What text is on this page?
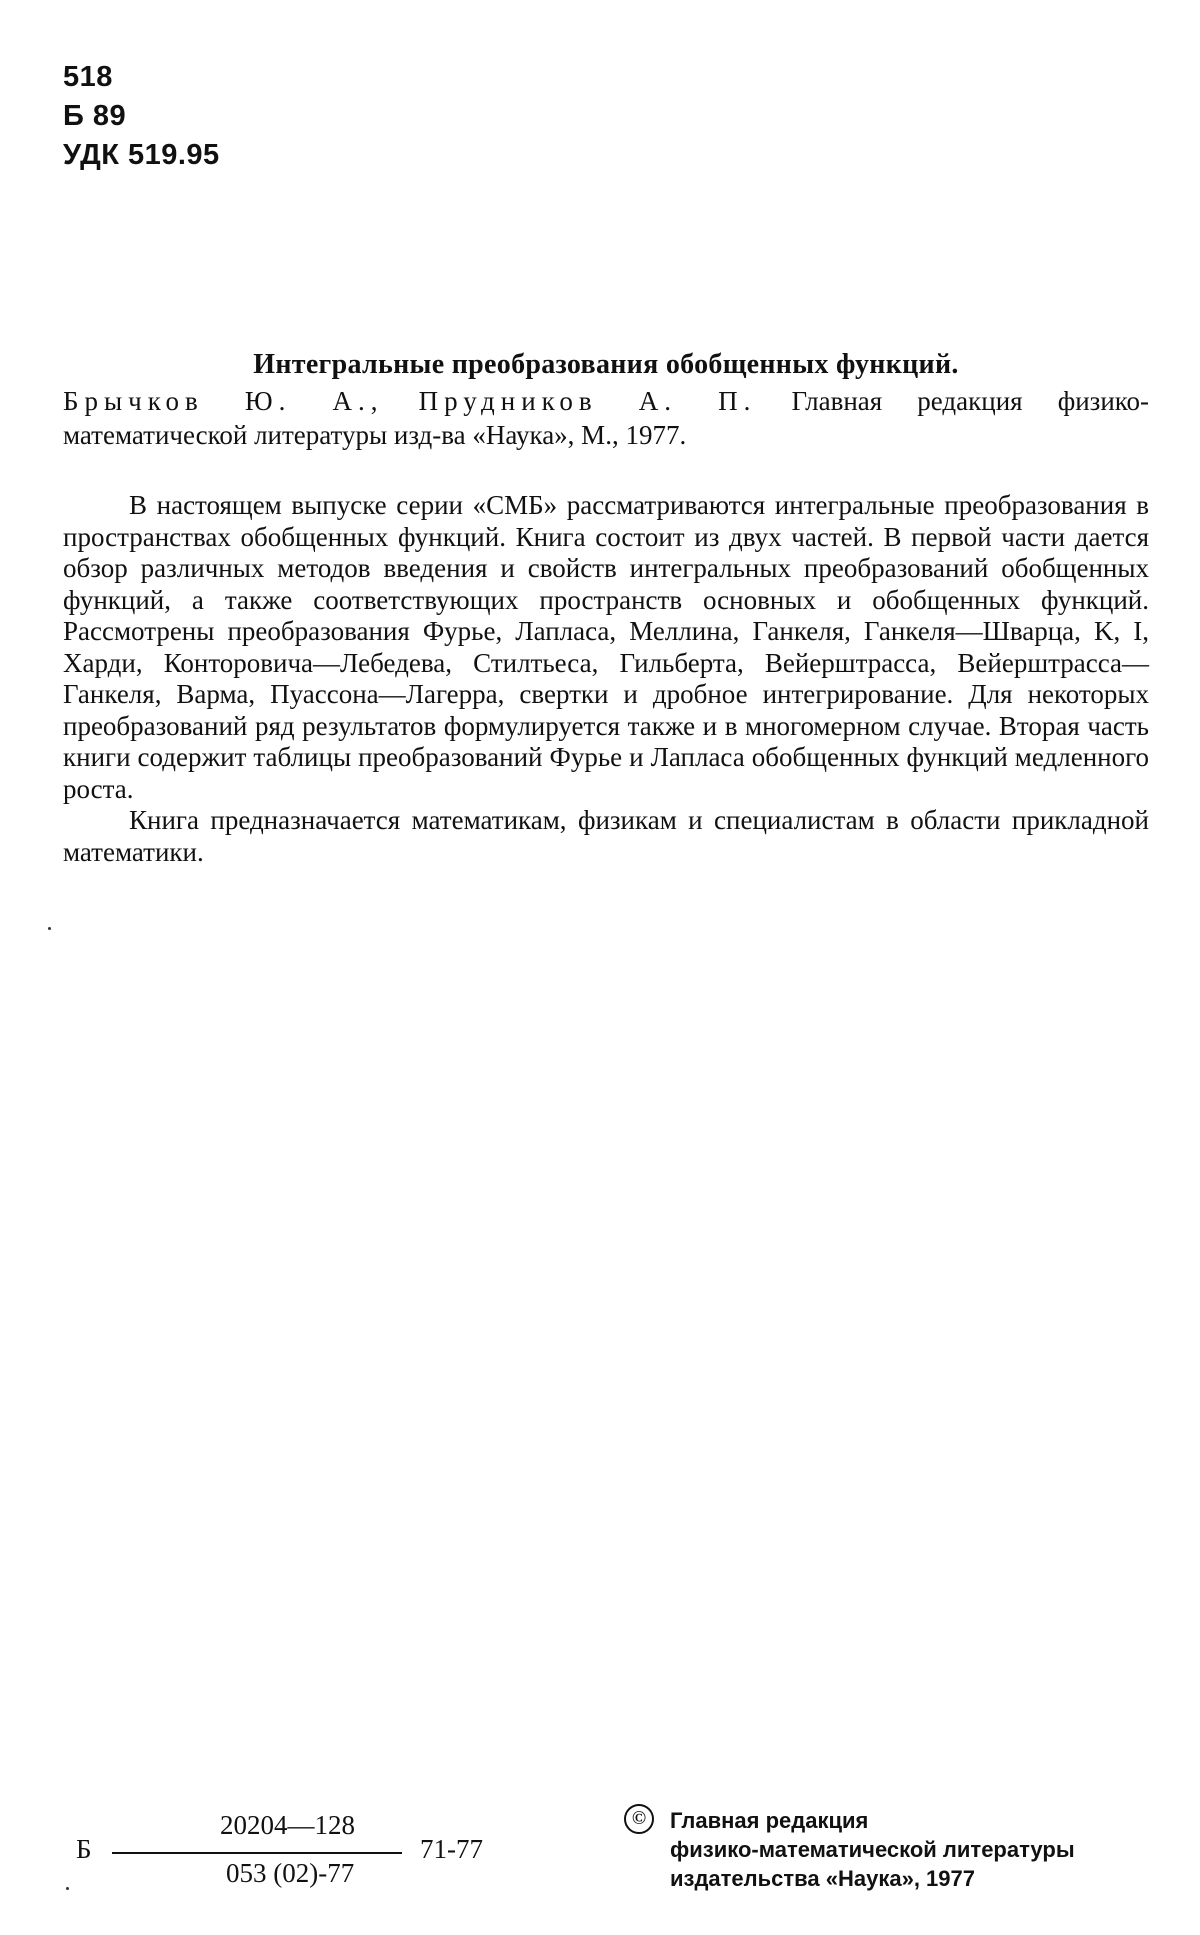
518
Б 89
УДК 519.95
Интегральные преобразования обобщенных функций.
Брычков Ю. А., Прудников А. П. Главная редакция физико-
математической литературы изд-ва «Наука», М., 1977.

В настоящем выпуске серии «СМБ» рассматриваются интегральные преобразования в пространствах обобщенных функций. Книга состоит из двух частей. В первой части дается обзор различных методов введения и свойств интегральных преобразований обобщенных функций, а также соответствующих пространств основных и обобщенных функций. Рассмотрены преобразования Фурье, Лапласа, Меллина, Ганкеля, Ганкеля—Шварца, K, I, Харди, Конторовича—Лебедева, Стилтьеса, Гильберта, Вейерштрасса, Вейерштрасса—Ганкеля, Варма, Пуассона—Лагерра, свертки и дробное интегрирование. Для некоторых преобразований ряд результатов формулируется также и в многомерном случае. Вторая часть книги содержит таблицы преобразований Фурье и Лапласа обобщенных функций медленного роста.

Книга предназначается математикам, физикам и специалистам в области прикладной математики.

Б
20204—128
053 (02)-77
71-77
©	Главная редакция
физико-математической литературы
издательства «Наука», 1977
